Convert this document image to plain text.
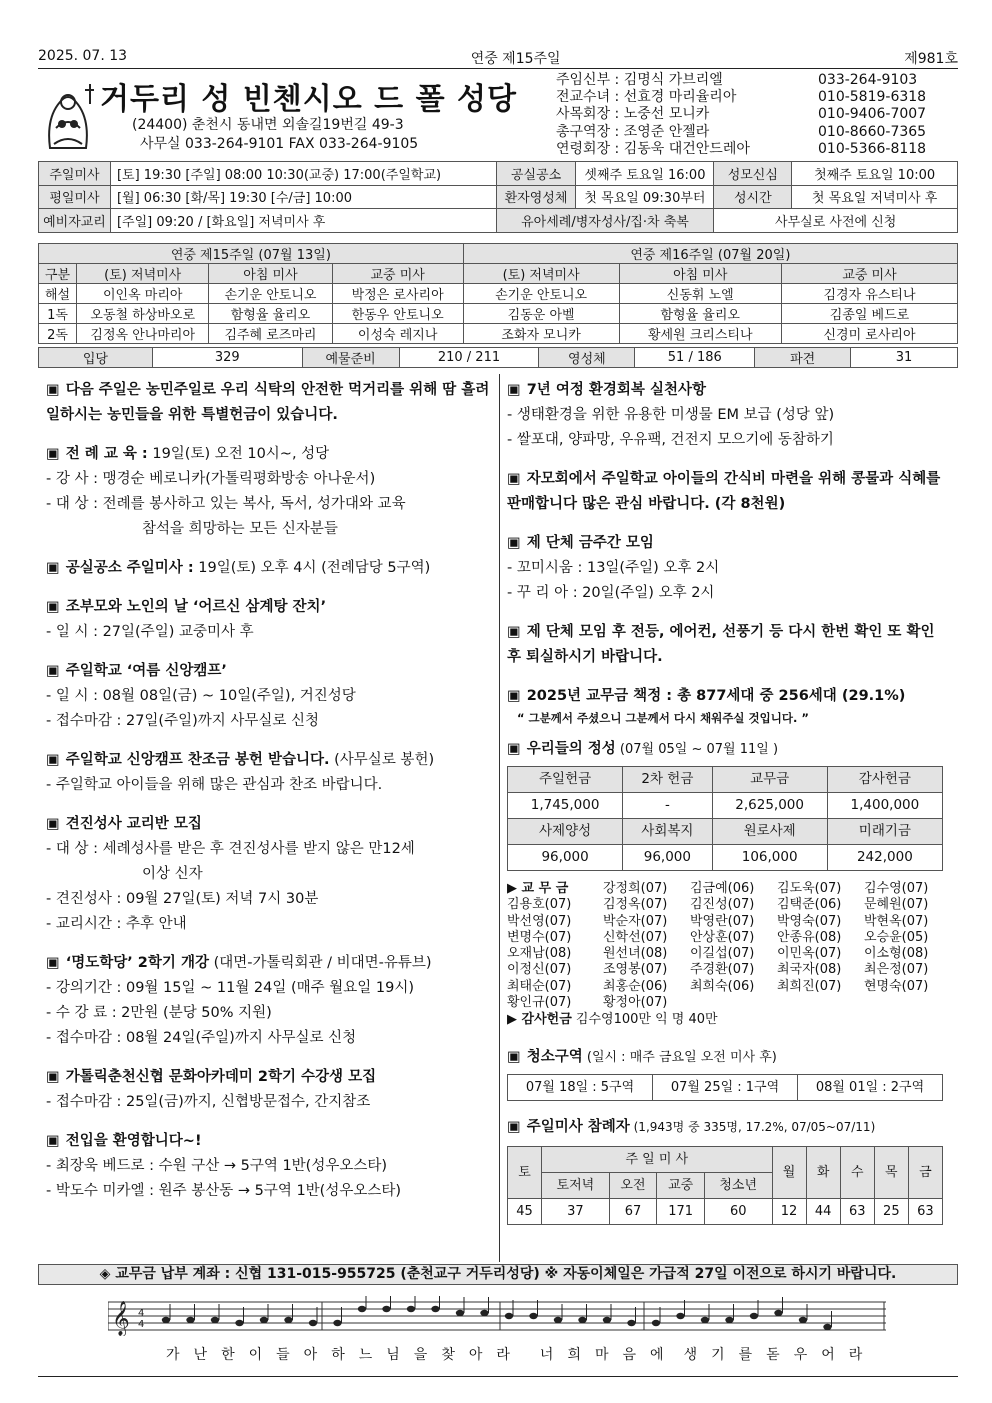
2025. 07. 13	연중 제15주일	제981호
거두리 성 빈첸시오 드 폴 성당
(24400) 춘천시 동내면 외솔길19번길 49-3
사무실 033-264-9101 FAX 033-264-9105
주임신부 : 김명식 가브리엘	033-264-9103
전교수녀 : 선효경 마리율리아	010-5819-6318
사목회장 : 노중선 모니카	010-9406-7007
총구역장 : 조영준 안젤라	010-8660-7365
연령회장 : 김동욱 대건안드레아	010-5366-8118
주일미사	[토] 19:30 [주일] 08:00 10:30(교중) 17:00(주일학교)	공실공소	셋째주 토요일 16:00	성모신심	첫째주 토요일 10:00
평일미사	[월] 06:30 [화/목] 19:30 [수/금] 10:00	환자영성체	첫 목요일 09:30부터	성시간	첫 목요일 저녁미사 후
예비자교리	[주일] 09:20 / [화요일] 저녁미사 후	유아세례/병자성사/집·차 축복		사무실로 사전에 신청	
연중 제15주일 (07월 13일)				연중 제16주일 (07월 20일)		
구분	(토) 저녁미사	아침 미사	교중 미사	(토) 저녁미사	아침 미사	교중 미사
해설	이인옥 마리아	손기운 안토니오	박정은 로사리아	손기운 안토니오	신동휘 노엘	김경자 유스티나
1독	오동철 하상바오로	함형율 율리오	한동우 안토니오	김동운 아벨	함형율 율리오	김종일 베드로
2독	김정옥 안나마리아	김주혜 로즈마리	이성숙 레지나	조화자 모니카	황세원 크리스티나	신경미 로사리아
입당	329	예물준비	210 / 211	영성체	51 / 186	파견	31
▣ 다음 주일은 농민주일로 우리 식탁의 안전한 먹거리를 위해 땀 흘려 일하시는 농민들을 위한 특별헌금이 있습니다.
▣ 전 례 교 육 : 19일(토) 오전 10시~, 성당
- 강 사 : 맹경순 베로니카(가톨릭평화방송 아나운서)
- 대 상 : 전례를 봉사하고 있는 복사, 독서, 성가대와 교육
참석을 희망하는 모든 신자분들
▣ 공실공소 주일미사 : 19일(토) 오후 4시 (전례담당 5구역)
▣ 조부모와 노인의 날 ‘어르신 삼계탕 잔치’
- 일 시 : 27일(주일) 교중미사 후
▣ 주일학교 ‘여름 신앙캠프’
- 일 시 : 08월 08일(금) ~ 10일(주일), 거진성당
- 접수마감 : 27일(주일)까지 사무실로 신청
▣ 주일학교 신앙캠프 찬조금 봉헌 받습니다. (사무실로 봉헌)
- 주일학교 아이들을 위해 많은 관심과 찬조 바랍니다.
▣ 견진성사 교리반 모집
- 대 상 : 세례성사를 받은 후 견진성사를 받지 않은 만12세
이상 신자
- 견진성사 : 09월 27일(토) 저녁 7시 30분
- 교리시간 : 추후 안내
▣ ‘명도학당’ 2학기 개강 (대면-가톨릭회관 / 비대면-유튜브)
- 강의기간 : 09월 15일 ~ 11월 24일 (매주 월요일 19시)
- 수 강 료 : 2만원 (분당 50% 지원)
- 접수마감 : 08월 24일(주일)까지 사무실로 신청
▣ 가톨릭춘천신협 문화아카데미 2학기 수강생 모집
- 접수마감 : 25일(금)까지, 신협방문접수, 간지참조
▣ 전입을 환영합니다~!
- 최장욱 베드로 : 수원 구산 → 5구역 1반(성우오스타)
- 박도수 미카엘 : 원주 봉산동 → 5구역 1반(성우오스타)
▣ 7년 여정 환경회복 실천사항
- 생태환경을 위한 유용한 미생물 EM 보급 (성당 앞)
- 쌀포대, 양파망, 우유팩, 건전지 모으기에 동참하기
▣ 자모회에서 주일학교 아이들의 간식비 마련을 위해 콩물과 식혜를 판매합니다 많은 관심 바랍니다. (각 8천원)
▣ 제 단체 금주간 모임
- 꼬미시움 : 13일(주일) 오후 2시
- 꾸 리 아 : 20일(주일) 오후 2시
▣ 제 단체 모임 후 전등, 에어컨, 선풍기 등 다시 한번 확인 또 확인 후 퇴실하시기 바랍니다.
▣ 2025년 교무금 책정 : 총 877세대 중 256세대 (29.1%)
“ 그분께서 주셨으니 그분께서 다시 채워주실 것입니다. ”
▣ 우리들의 정성 (07월 05일 ~ 07월 11일 )
주일헌금	2차 헌금	교무금	감사헌금
1,745,000	-	2,625,000	1,400,000
사제양성	사회복지	원로사제	미래기금
96,000	96,000	106,000	242,000
▶ 교 무 금	강정희(07)	김금예(06)	김도욱(07)	김수영(07)
김용호(07)	김정옥(07)	김진성(07)	김택준(06)	문혜원(07)
박선영(07)	박순자(07)	박영란(07)	박영숙(07)	박현옥(07)
변명수(07)	신학선(07)	안상훈(07)	안종유(08)	오승윤(05)
오재남(08)	원선녀(08)	이길섭(07)	이민옥(07)	이소형(08)
이정신(07)	조영봉(07)	주경환(07)	최국자(08)	최은정(07)
최태순(07)	최홍순(06)	최희숙(06)	최희진(07)	현명숙(07)
황인규(07)	황정아(07)
▶ 감사헌금 김수영100만 익 명 40만
▣ 청소구역 (일시 : 매주 금요일 오전 미사 후)
07월 18일 : 5구역	07월 25일 : 1구역	08월 01일 : 2구역
▣ 주일미사 참례자 (1,943명 중 335명, 17.2%, 07/05~07/11)
토	주 일 미 사				월	화	수	목	금
	토저녁	오전	교중	청소년					
45	37	67	171	60	12	44	63	25	63
◈ 교무금 납부 계좌 : 신협 131-015-955725 (춘천교구 거두리성당) ※ 자동이체일은 가급적 27일 이전으로 하시기 바랍니다.
𝄞 4
4
가 난 한 이 들 아 하 느 님 을 찾 아 라 너 희 마 음 에 생 기 를 돋 우 어 라
